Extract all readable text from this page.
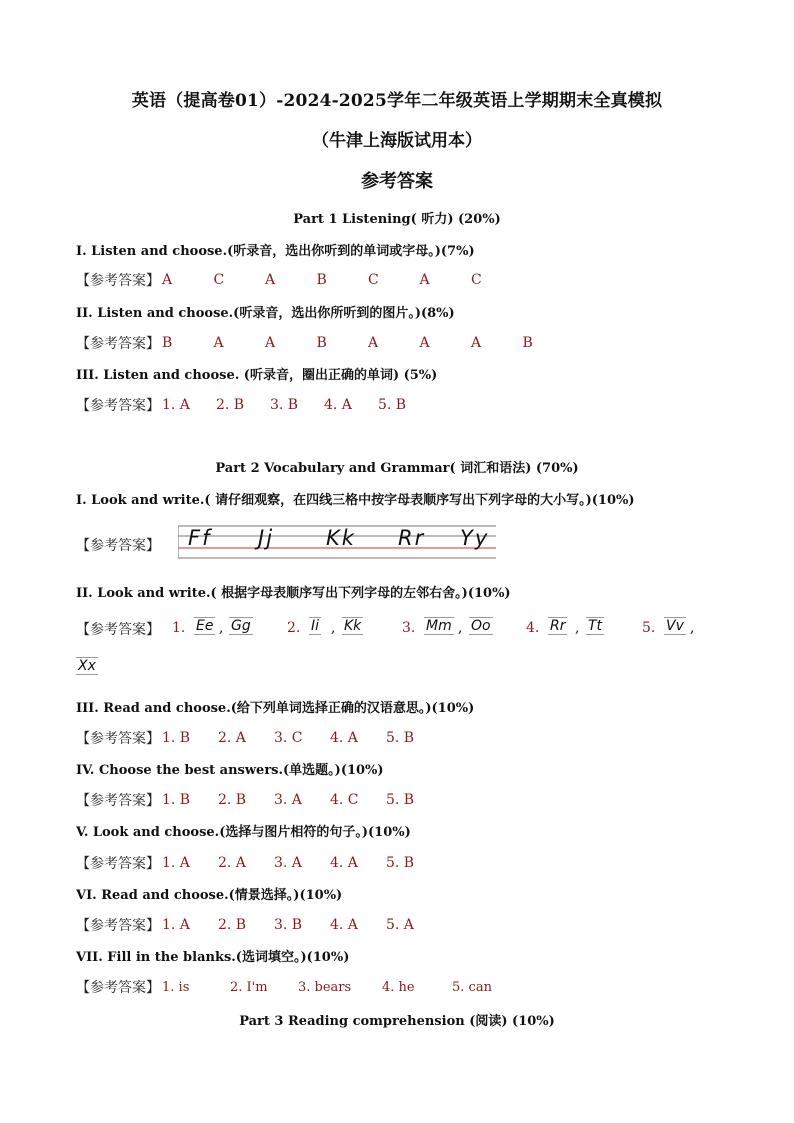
英语（提高卷01）-2024-2025学年二年级英语上学期期末全真模拟
（牛津上海版试用本）
参考答案
Part 1 Listening( 听力) (20%)
I. Listen and choose.(听录音，选出你听到的单词或字母。)(7%)
【参考答案】 A	C	A	B	C	A	C
II. Listen and choose.(听录音，选出你所听到的图片。)(8%)
【参考答案】 B	A	A	B	A	A	A	B
III. Listen and choose. (听录音，圈出正确的单词) (5%)
【参考答案】 1. A	2. B	3. B	4. A	5. B
Part 2 Vocabulary and Grammar( 词汇和语法) (70%)
I. Look and write.( 请仔细观察，在四线三格中按字母表顺序写出下列字母的大小写。)(10%)
【参考答案】 Ff Jj Kk Rr Yy
II. Look and write.( 根据字母表顺序写出下列字母的左邻右舍。)(10%)
【参考答案】 1. Ee , Gg	2. Ii , Kk	3. Mm , Oo	4. Rr , Tt	5. Vv ,
Xx
III. Read and choose.(给下列单词选择正确的汉语意思。)(10%)
【参考答案】 1. B	2. A	3. C	4. A	5. B
IV. Choose the best answers.(单选题。)(10%)
【参考答案】 1. B	2. B	3. A	4. C	5. B
V. Look and choose.(选择与图片相符的句子。)(10%)
【参考答案】 1. A	2. A	3. A	4. A	5. B
VI. Read and choose.(情景选择。)(10%)
【参考答案】 1. A	2. B	3. B	4. A	5. A
VII. Fill in the blanks.(选词填空。)(10%)
【参考答案】 1. is	2. I'm	3. bears	4. he	5. can
Part 3 Reading comprehension (阅读) (10%)
